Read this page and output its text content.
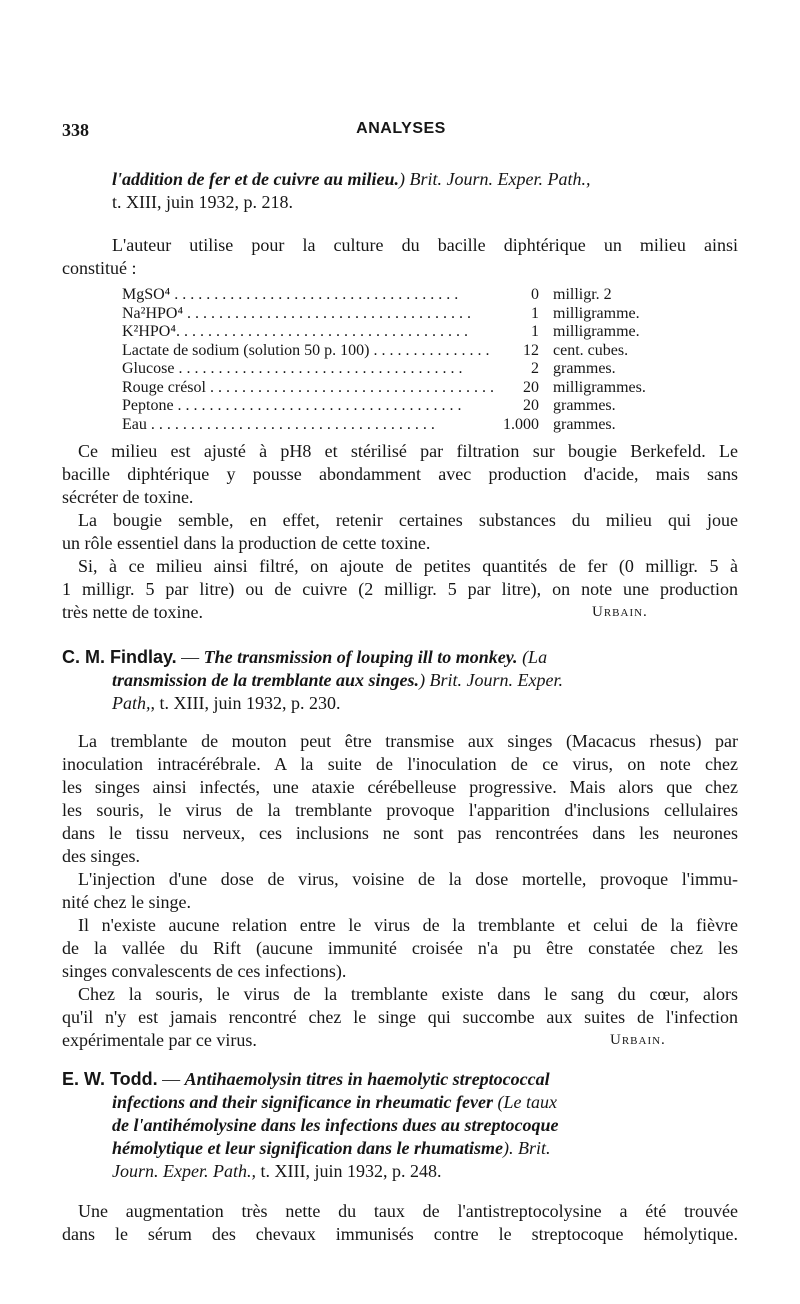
338	ANALYSES
l'addition de fer et de cuivre au milieu.) Brit. Journ. Exper. Path.,
t. XIII, juin 1932, p. 218.
L'auteur utilise pour la culture du bacille diphtérique un milieu ainsi
constitué :
MgSO⁴ . . . . . . . . . . . . . . . . . . . . . . . . . . . . . . . . . . . .	0 milligr. 2
Na²HPO⁴ . . . . . . . . . . . . . . . . . . . . . . . . . . . . . . . . . . . .	1 milligramme.
K²HPO⁴. . . . . . . . . . . . . . . . . . . . . . . . . . . . . . . . . . . . .	1 milligramme.
Lactate de sodium (solution 50 p. 100) . . . . . . . . . . . . . . .	12 cent. cubes.
Glucose . . . . . . . . . . . . . . . . . . . . . . . . . . . . . . . . . . . .	2 grammes.
Rouge crésol . . . . . . . . . . . . . . . . . . . . . . . . . . . . . . . . . . . .	20 milligrammes.
Peptone . . . . . . . . . . . . . . . . . . . . . . . . . . . . . . . . . . . .	20 grammes.
Eau . . . . . . . . . . . . . . . . . . . . . . . . . . . . . . . . . . . .	1.000 grammes.
Ce milieu est ajusté à pH8 et stérilisé par filtration sur bougie Berkefeld. Le
bacille diphtérique y pousse abondamment avec production d'acide, mais sans
sécréter de toxine.
La bougie semble, en effet, retenir certaines substances du milieu qui joue
un rôle essentiel dans la production de cette toxine.
Si, à ce milieu ainsi filtré, on ajoute de petites quantités de fer (0 milligr. 5 à
1 milligr. 5 par litre) ou de cuivre (2 milligr. 5 par litre), on note une production
très nette de toxine.	Urbain.
C. M. Findlay. — The transmission of louping ill to monkey. (La
transmission de la tremblante aux singes.) Brit. Journ. Exper.
Path,, t. XIII, juin 1932, p. 230.
La tremblante de mouton peut être transmise aux singes (Macacus rhesus) par
inoculation intracérébrale. A la suite de l'inoculation de ce virus, on note chez
les singes ainsi infectés, une ataxie cérébelleuse progressive. Mais alors que chez
les souris, le virus de la tremblante provoque l'apparition d'inclusions cellulaires
dans le tissu nerveux, ces inclusions ne sont pas rencontrées dans les neurones
des singes.
L'injection d'une dose de virus, voisine de la dose mortelle, provoque l'immu-
nité chez le singe.
Il n'existe aucune relation entre le virus de la tremblante et celui de la fièvre
de la vallée du Rift (aucune immunité croisée n'a pu être constatée chez les
singes convalescents de ces infections).
Chez la souris, le virus de la tremblante existe dans le sang du cœur, alors
qu'il n'y est jamais rencontré chez le singe qui succombe aux suites de l'infection
expérimentale par ce virus.	Urbain.
E. W. Todd. — Antihaemolysin titres in haemolytic streptococcal
infections and their significance in rheumatic fever (Le taux
de l'antihémolysine dans les infections dues au streptocoque
hémolytique et leur signification dans le rhumatisme). Brit.
Journ. Exper. Path., t. XIII, juin 1932, p. 248.
Une augmentation très nette du taux de l'antistreptocolysine a été trouvée
dans le sérum des chevaux immunisés contre le streptocoque hémolytique.
